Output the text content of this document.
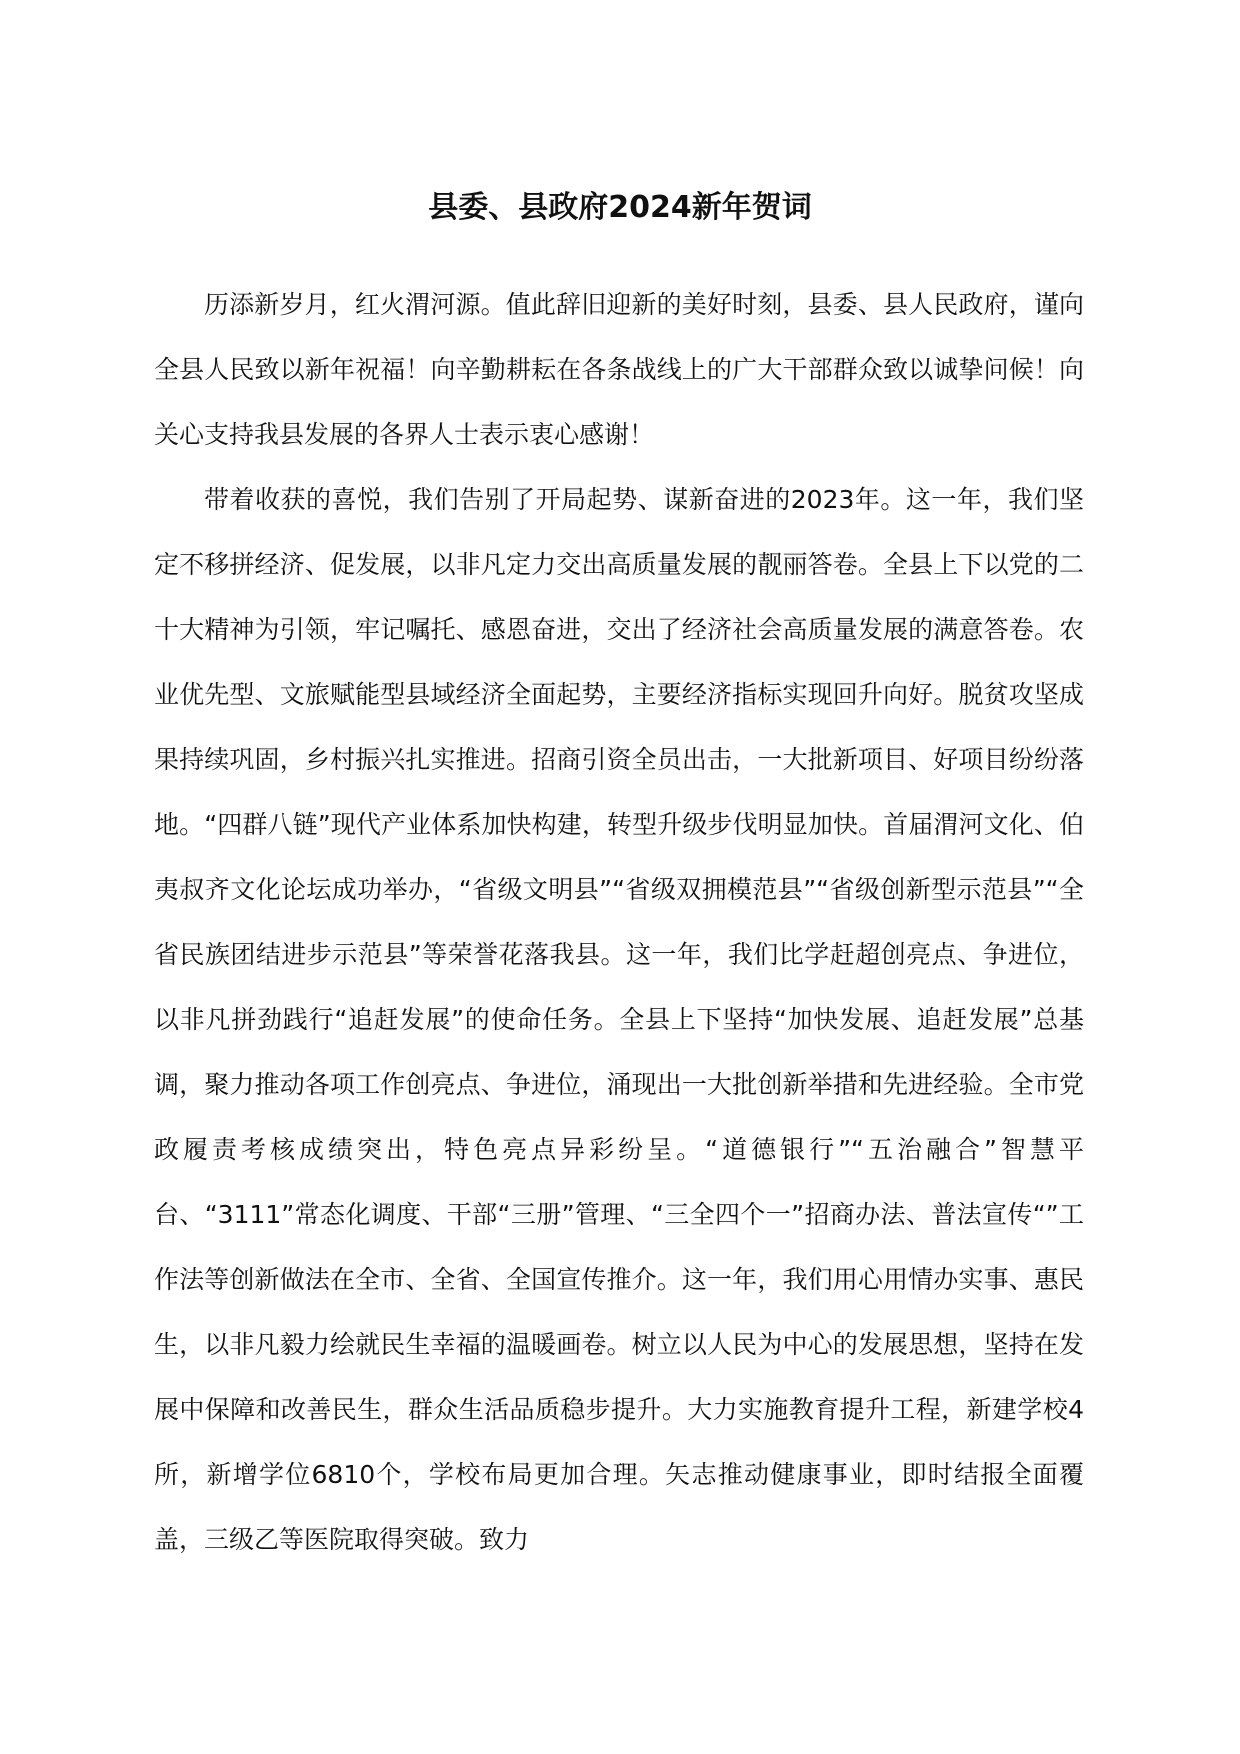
县委、县政府2024新年贺词

历添新岁月，红火渭河源。值此辞旧迎新的美好时刻，县委、县人民政府，谨向全县人民致以新年祝福！向辛勤耕耘在各条战线上的广大干部群众致以诚挚问候！向关心支持我县发展的各界人士表示衷心感谢！

带着收获的喜悦，我们告别了开局起势、谋新奋进的2023年。这一年，我们坚定不移拼经济、促发展，以非凡定力交出高质量发展的靓丽答卷。全县上下以党的二十大精神为引领，牢记嘱托、感恩奋进，交出了经济社会高质量发展的满意答卷。农业优先型、文旅赋能型县域经济全面起势，主要经济指标实现回升向好。脱贫攻坚成果持续巩固，乡村振兴扎实推进。招商引资全员出击，一大批新项目、好项目纷纷落地。“四群八链”现代产业体系加快构建，转型升级步伐明显加快。首届渭河文化、伯夷叔齐文化论坛成功举办，“省级文明县”“省级双拥模范县”“省级创新型示范县”“全省民族团结进步示范县”等荣誉花落我县。这一年，我们比学赶超创亮点、争进位，以非凡拼劲践行“追赶发展”的使命任务。全县上下坚持“加快发展、追赶发展”总基调，聚力推动各项工作创亮点、争进位，涌现出一大批创新举措和先进经验。全市党政履责考核成绩突出，特色亮点异彩纷呈。“道德银行”“五治融合”智慧平台、“3111”常态化调度、干部“三册”管理、“三全四个一”招商办法、普法宣传“”工作法等创新做法在全市、全省、全国宣传推介。这一年，我们用心用情办实事、惠民生，以非凡毅力绘就民生幸福的温暖画卷。树立以人民为中心的发展思想，坚持在发展中保障和改善民生，群众生活品质稳步提升。大力实施教育提升工程，新建学校4所，新增学位6810个，学校布局更加合理。矢志推动健康事业，即时结报全面覆盖，三级乙等医院取得突破。致力
